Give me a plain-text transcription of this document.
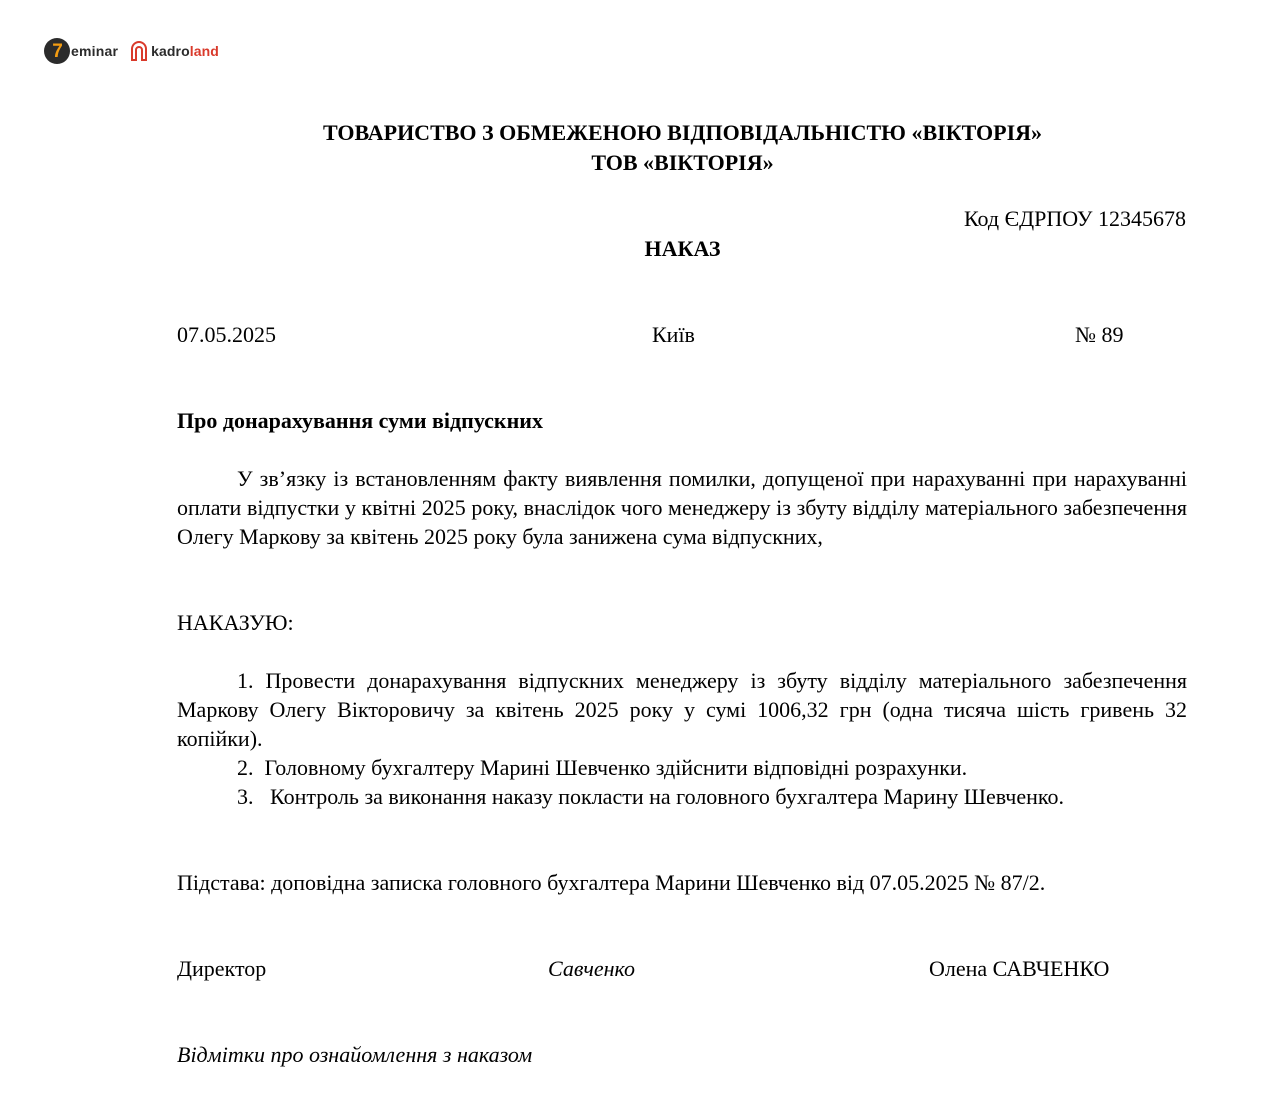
7 eminar kadroland
ТОВАРИСТВО З ОБМЕЖЕНОЮ ВІДПОВІДАЛЬНІСТЮ «ВІКТОРІЯ»
ТОВ «ВІКТОРІЯ»
Код ЄДРПОУ 12345678
НАКАЗ
07.05.2025	Київ	№ 89
Про донарахування суми відпускних
У зв’язку із встановленням факту виявлення помилки, допущеної при нарахуванні при нарахуванні оплати відпустки у квітні 2025 року, внаслідок чого менеджеру із збуту відділу матеріального забезпечення Олегу Маркову за квітень 2025 року була занижена сума відпускних,
НАКАЗУЮ:
1. Провести донарахування відпускних менеджеру із збуту відділу матеріального забезпечення Маркову Олегу Вікторовичу за квітень 2025 року у сумі 1006,32 грн (одна тисяча шість гривень 32 копійки).
2. Головному бухгалтеру Марині Шевченко здійснити відповідні розрахунки.
3. Контроль за виконання наказу покласти на головного бухгалтера Марину Шевченко.
Підстава: доповідна записка головного бухгалтера Марини Шевченко від 07.05.2025 № 87/2.
Директор	Савченко	Олена САВЧЕНКО
Відмітки про ознайомлення з наказом
